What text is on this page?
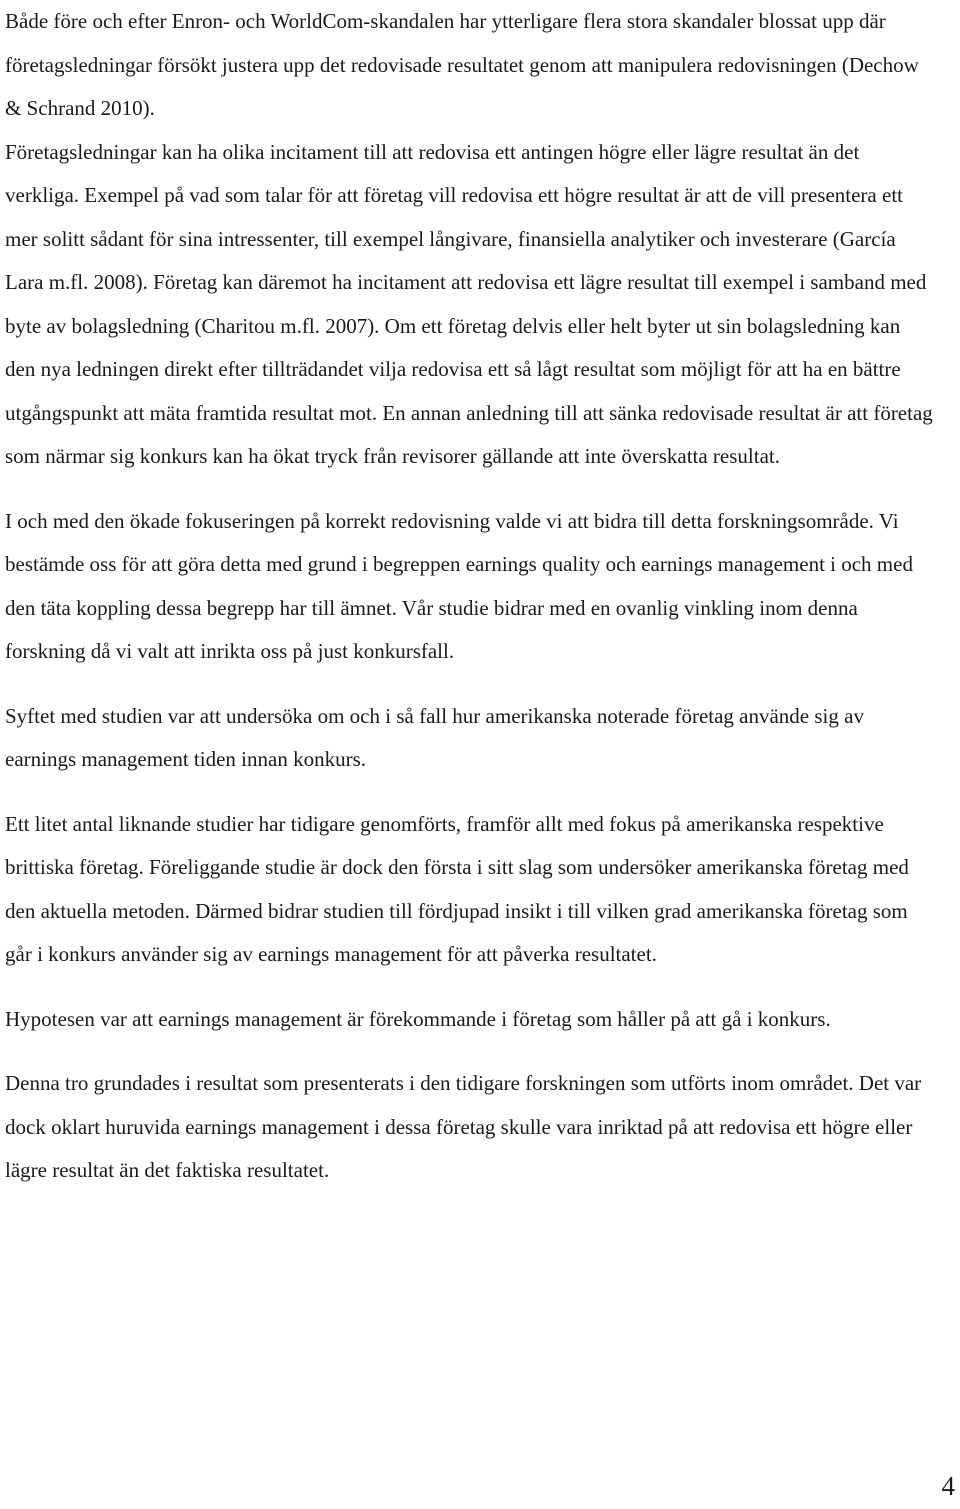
Både före och efter Enron- och WorldCom-skandalen har ytterligare flera stora skandaler blossat upp där företagsledningar försökt justera upp det redovisade resultatet genom att manipulera redovisningen (Dechow & Schrand 2010).

Företagsledningar kan ha olika incitament till att redovisa ett antingen högre eller lägre resultat än det verkliga. Exempel på vad som talar för att företag vill redovisa ett högre resultat är att de vill presentera ett mer solitt sådant för sina intressenter, till exempel långivare, finansiella analytiker och investerare (García Lara m.fl. 2008). Företag kan däremot ha incitament att redovisa ett lägre resultat till exempel i samband med byte av bolagsledning (Charitou m.fl. 2007). Om ett företag delvis eller helt byter ut sin bolagsledning kan den nya ledningen direkt efter tillträdandet vilja redovisa ett så lågt resultat som möjligt för att ha en bättre utgångspunkt att mäta framtida resultat mot. En annan anledning till att sänka redovisade resultat är att företag som närmar sig konkurs kan ha ökat tryck från revisorer gällande att inte överskatta resultat.

I och med den ökade fokuseringen på korrekt redovisning valde vi att bidra till detta forskningsområde. Vi bestämde oss för att göra detta med grund i begreppen earnings quality och earnings management i och med den täta koppling dessa begrepp har till ämnet. Vår studie bidrar med en ovanlig vinkling inom denna forskning då vi valt att inrikta oss på just konkursfall.

Syftet med studien var att undersöka om och i så fall hur amerikanska noterade företag använde sig av earnings management tiden innan konkurs.

Ett litet antal liknande studier har tidigare genomförts, framför allt med fokus på amerikanska respektive brittiska företag. Föreliggande studie är dock den första i sitt slag som undersöker amerikanska företag med den aktuella metoden. Därmed bidrar studien till fördjupad insikt i till vilken grad amerikanska företag som går i konkurs använder sig av earnings management för att påverka resultatet.

Hypotesen var att earnings management är förekommande i företag som håller på att gå i konkurs.

Denna tro grundades i resultat som presenterats i den tidigare forskningen som utförts inom området. Det var dock oklart huruvida earnings management i dessa företag skulle vara inriktad på att redovisa ett högre eller lägre resultat än det faktiska resultatet.

4
